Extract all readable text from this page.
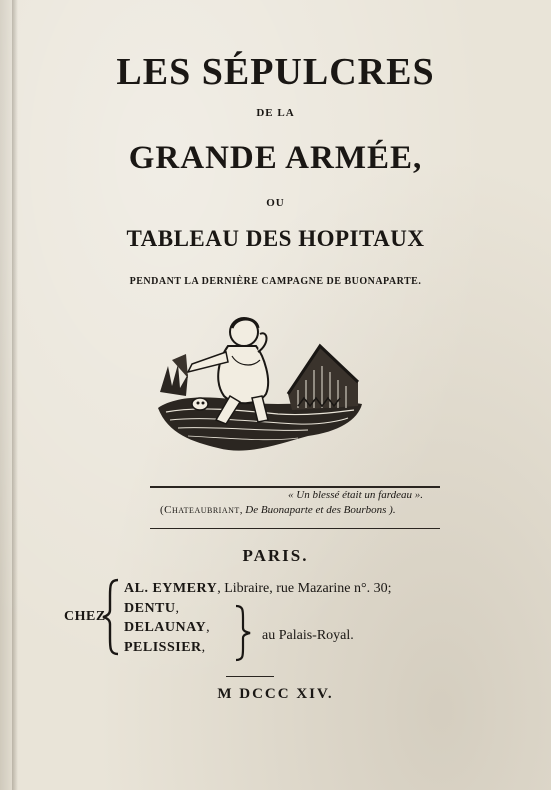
LES SÉPULCRES
DE LA
GRANDE ARMÉE,
OU
TABLEAU DES HOPITAUX
PENDANT LA DERNIÈRE CAMPAGNE DE BUONAPARTE.
« Un blessé était un fardeau ».
(Chateaubriant, De Buonaparte et des Bourbons ).
PARIS.
CHEZ
AL. EYMERY, Libraire, rue Mazarine n°. 30;
DENTU,
DELAUNAY,
PELISSIER,
au Palais-Royal.
M DCCC XIV.
